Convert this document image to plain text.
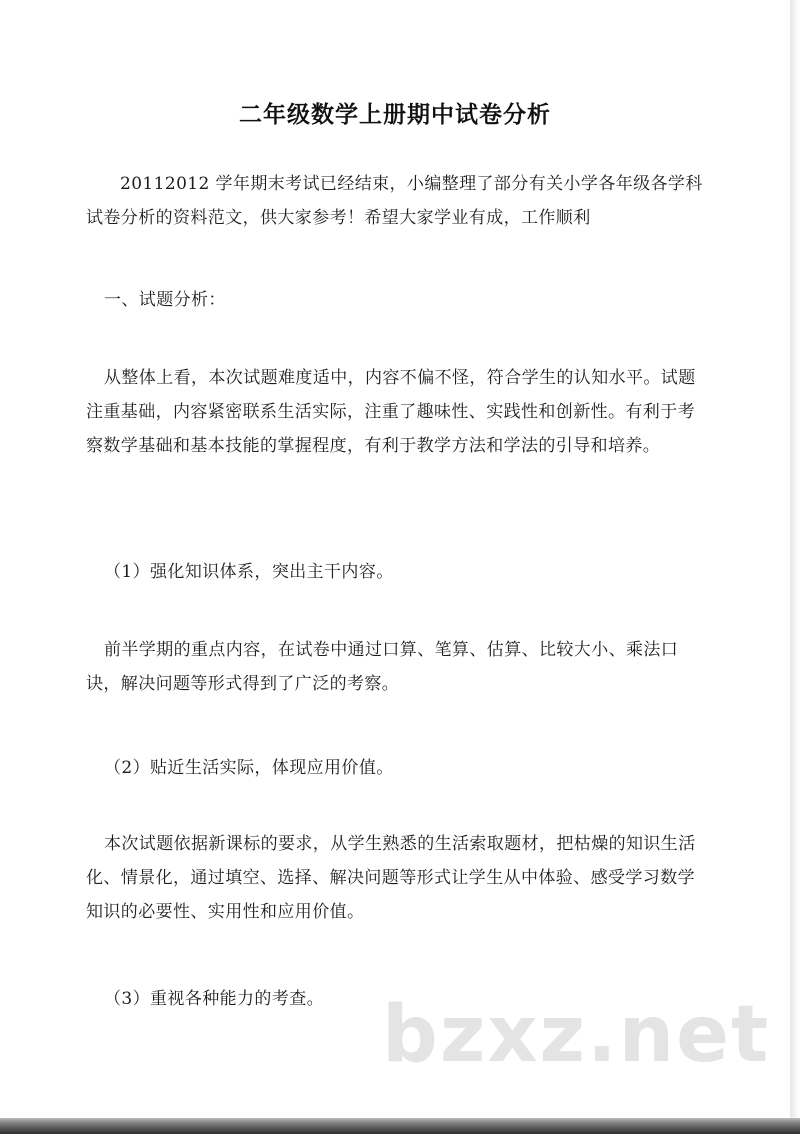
二年级数学上册期中试卷分析

20112012 学年期末考试已经结束，小编整理了部分有关小学各年级各学科试卷分析的资料范文，供大家参考！希望大家学业有成，工作顺利

一、试题分析：

从整体上看，本次试题难度适中，内容不偏不怪，符合学生的认知水平。试题注重基础，内容紧密联系生活实际，注重了趣味性、实践性和创新性。有利于考察数学基础和基本技能的掌握程度，有利于教学方法和学法的引导和培养。

（1）强化知识体系，突出主干内容。

前半学期的重点内容，在试卷中通过口算、笔算、估算、比较大小、乘法口诀，解决问题等形式得到了广泛的考察。

（2）贴近生活实际，体现应用价值。

本次试题依据新课标的要求，从学生熟悉的生活索取题材，把枯燥的知识生活化、情景化，通过填空、选择、解决问题等形式让学生从中体验、感受学习数学知识的必要性、实用性和应用价值。

（3）重视各种能力的考查。 bzxz.net
